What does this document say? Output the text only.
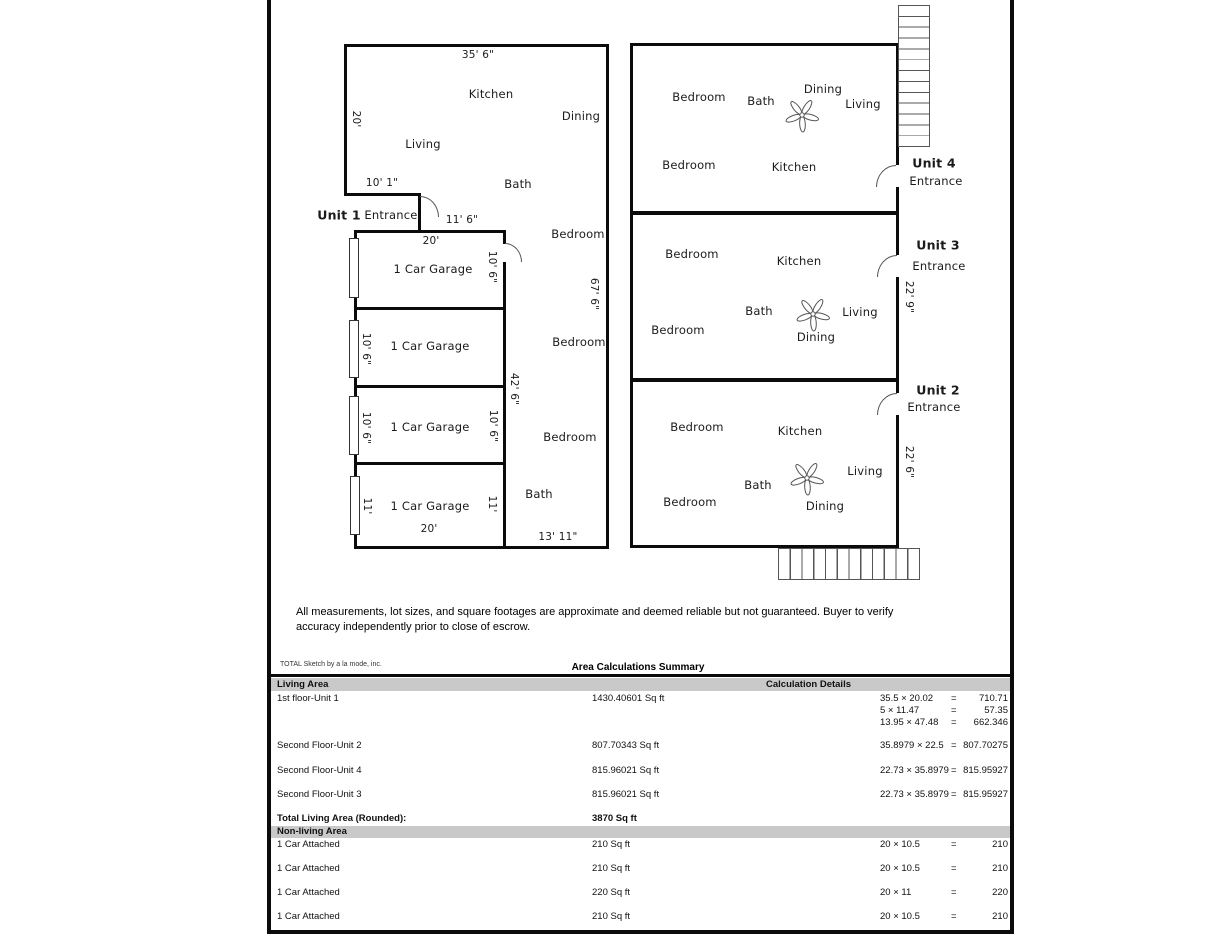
35' 6"
Kitchen
Dining
20'
Living
10' 1"	Bath
Unit 1 Entrance	11' 6"
20'
1 Car Garage 10' 6"
Bedroom
10' 6" 1 Car Garage	Bedroom
42' 6"
67' 6"
10' 6" 1 Car Garage 10' 6"	Bedroom
11' 1 Car Garage 11'
Bath
20'
13' 11"
Bedroom Bath
Dining
Living
Bedroom	Kitchen	Unit 4
Entrance
Bedroom	Kitchen
Unit 3
Entrance
Bath	Living
Dining
Bedroom
22' 9"
Bedroom	Kitchen
Unit 2
Entrance
Bath
Living
Dining
Bedroom
22' 6"
All measurements, lot sizes, and square footages are approximate and deemed reliable but not guaranteed. Buyer to verify
accuracy independently prior to close of escrow.
TOTAL Sketch by a la mode, inc.	Area Calculations Summary
Living Area	Calculation Details
1st floor-Unit 1	1430.40601 Sq ft	35.5 × 20.02 =	710.71
5 × 11.47	=	57.35
13.95 × 47.48 =	662.346
Second Floor-Unit 2	807.70343 Sq ft	35.8979 × 22.5 = 807.70275
Second Floor-Unit 4	815.96021 Sq ft	22.73 × 35.8979 = 815.95927
Second Floor-Unit 3	815.96021 Sq ft	22.73 × 35.8979 = 815.95927
Total Living Area (Rounded):	3870 Sq ft
Non-living Area
1 Car Attached	210 Sq ft	20 × 10.5	=	210
1 Car Attached	210 Sq ft	20 × 10.5	=	210
1 Car Attached	220 Sq ft	20 × 11	=	220
1 Car Attached	210 Sq ft	20 × 10.5	=	210
